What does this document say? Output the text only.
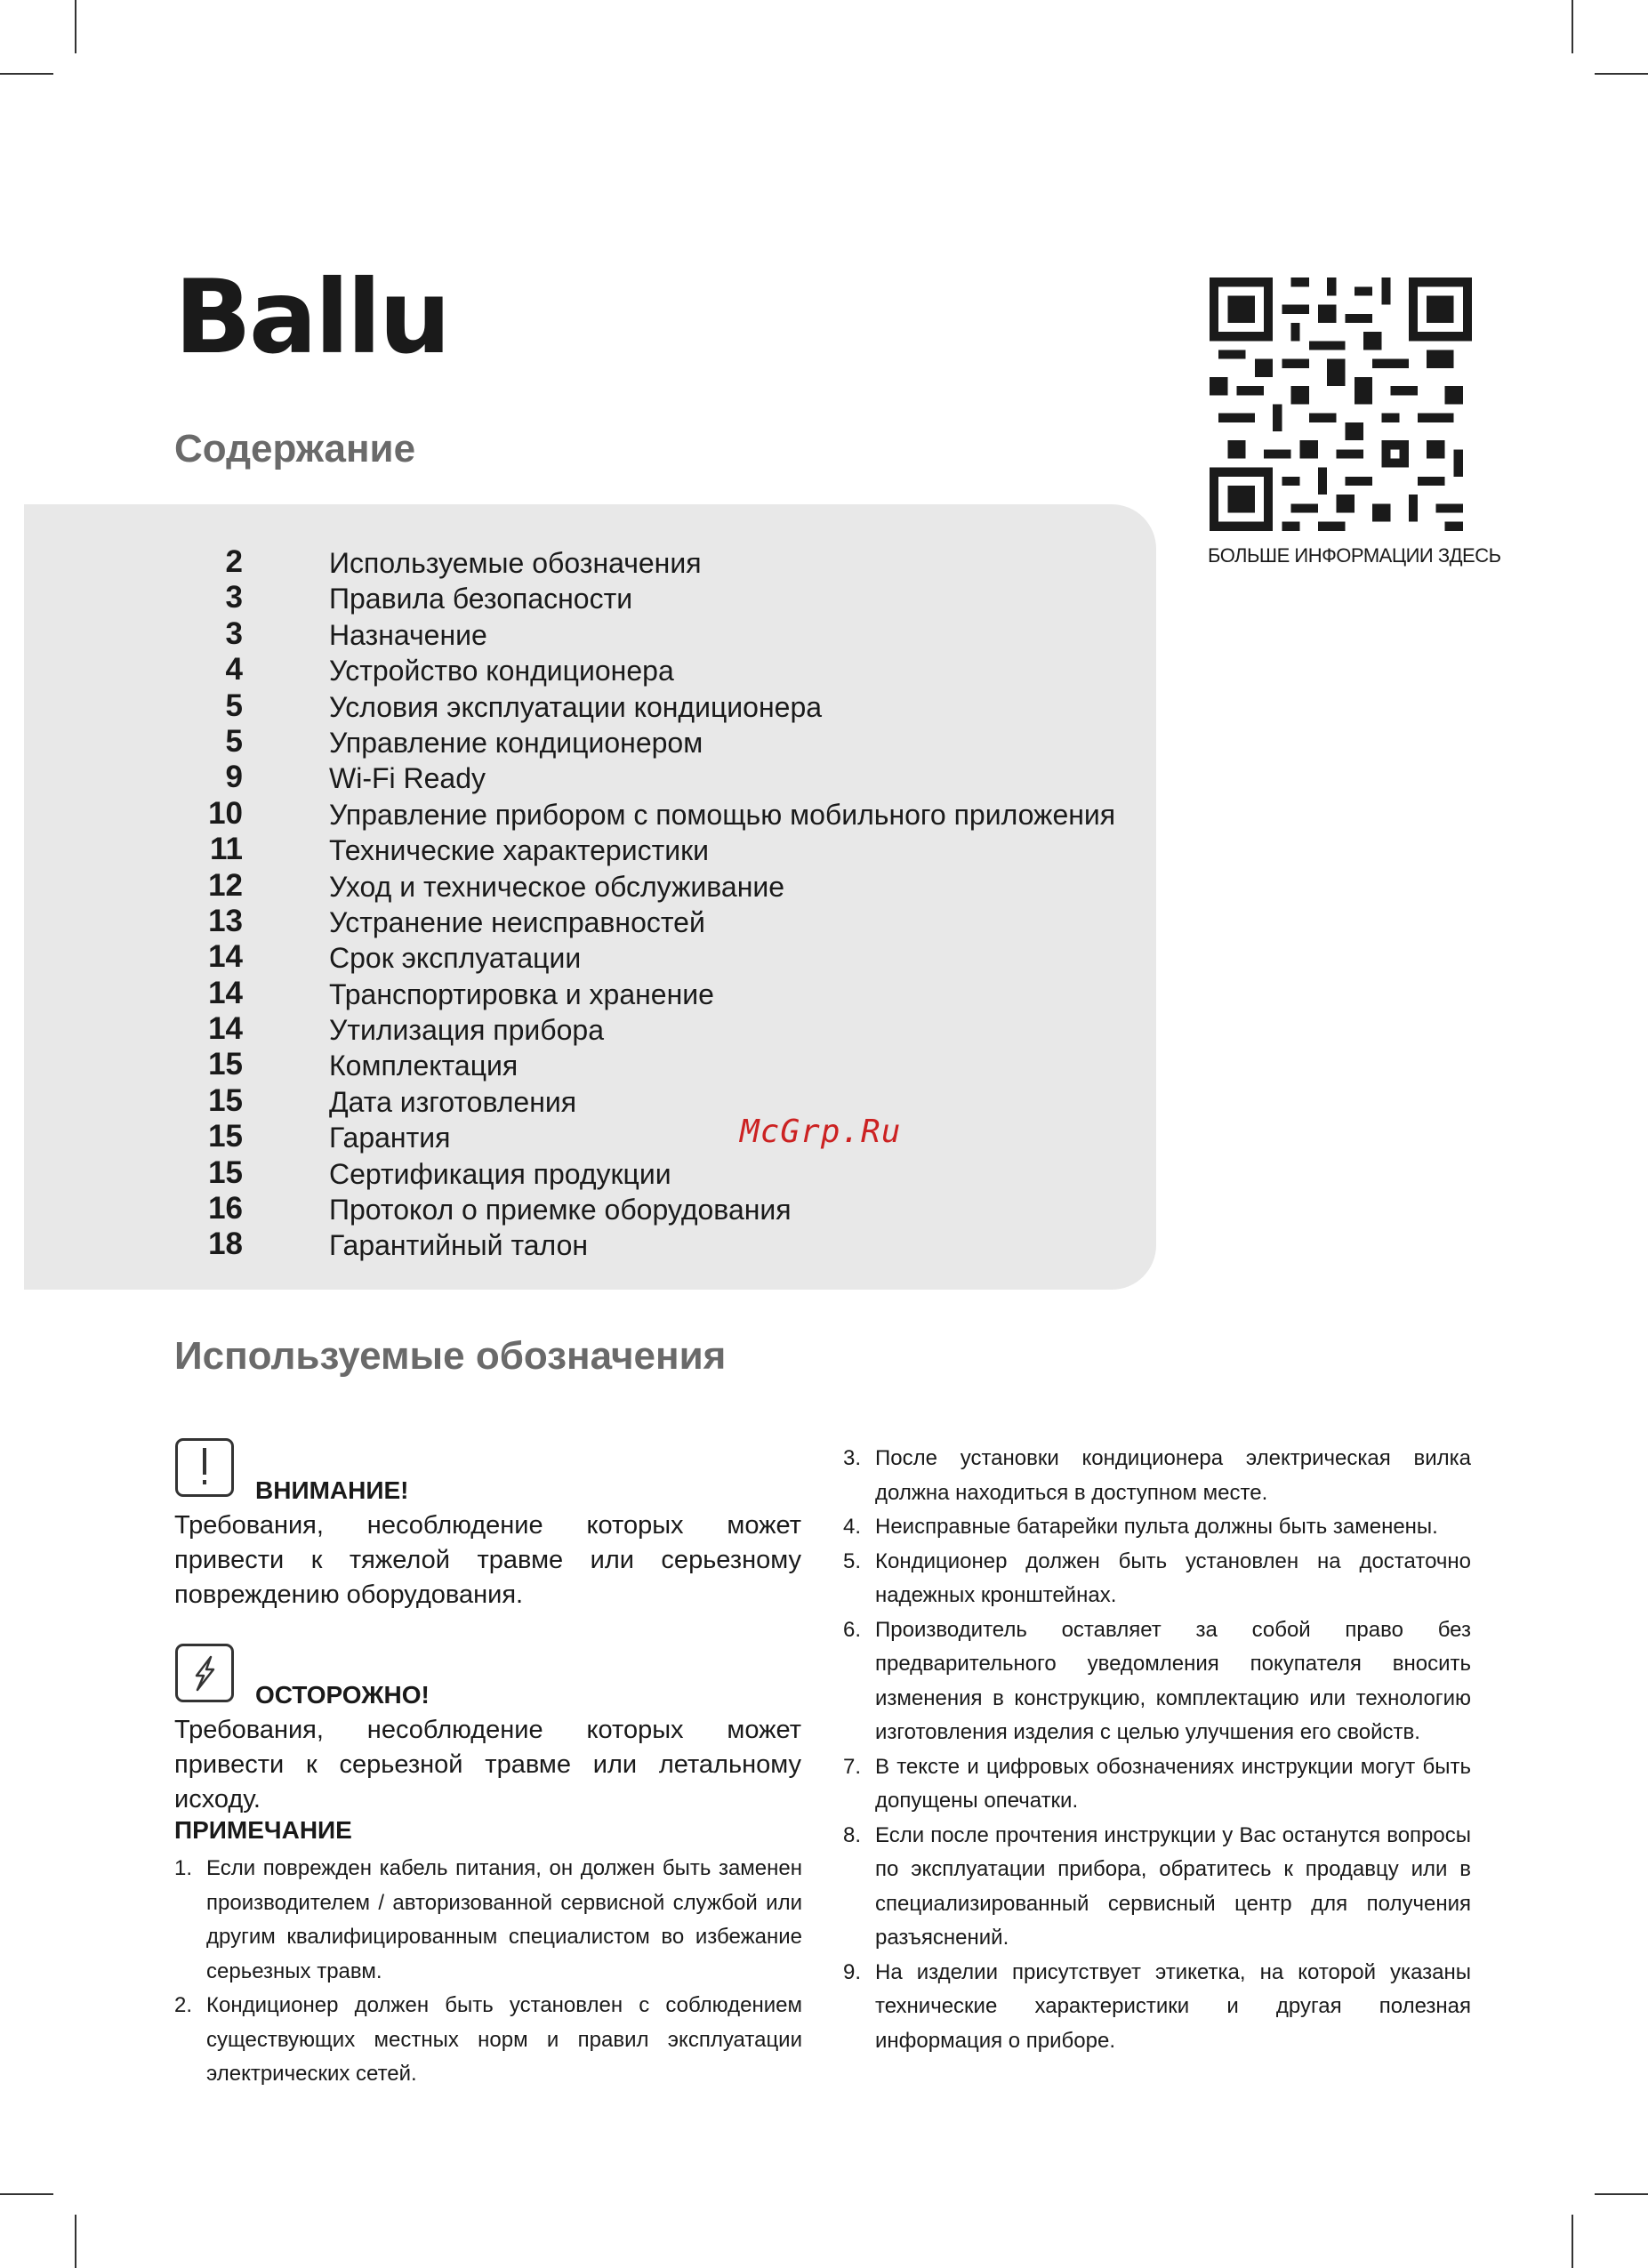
Ballu
БОЛЬШЕ ИНФОРМАЦИИ ЗДЕСЬ
Содержание
2	Используемые обозначения
3	Правила безопасности
3	Назначение
4	Устройство кондиционера
5	Условия эксплуатации кондиционера
5	Управление кондиционером
9	Wi-Fi Ready
10	Управление прибором с помощью мобильного приложения
11	Технические характеристики
12	Уход и техническое обслуживание
13	Устранение неисправностей
14	Срок эксплуатации
14	Транспортировка и хранение
14	Утилизация прибора
15	Комплектация
15	Дата изготовления
15	Гарантия
15	Сертификация продукции
16	Протокол о приемке оборудования
18	Гарантийный талон
McGrp.Ru
Используемые обозначения
ВНИМАНИЕ!

Требования, несоблюдение которых может привести к тяжелой травме или серьезному повреждению оборудования.

ОСТОРОЖНО!

Требования, несоблюдение которых может привести к серьезной травме или летальному исходу.

ПРИМЕЧАНИЕ
1. Если поврежден кабель питания, он должен быть заменен производителем / авторизованной сервисной службой или другим квалифицированным специалистом во избежание серьезных травм.
2. Кондиционер должен быть установлен с соблюдением существующих местных норм и правил эксплуатации электрических сетей.
3. После установки кондиционера электрическая вилка должна находиться в доступном месте.
4. Неисправные батарейки пульта должны быть заменены.
5. Кондиционер должен быть установлен на достаточно надежных кронштейнах.
6. Производитель оставляет за собой право без предварительного уведомления покупателя вносить изменения в конструкцию, комплектацию или технологию изготовления изделия с целью улучшения его свойств.
7. В тексте и цифровых обозначениях инструкции могут быть допущены опечатки.
8. Если после прочтения инструкции у Вас останутся вопросы по эксплуатации прибора, обратитесь к продавцу или в специализированный сервисный центр для получения разъяснений.
9. На изделии присутствует этикетка, на которой указаны технические характеристики и другая полезная информация о приборе.
